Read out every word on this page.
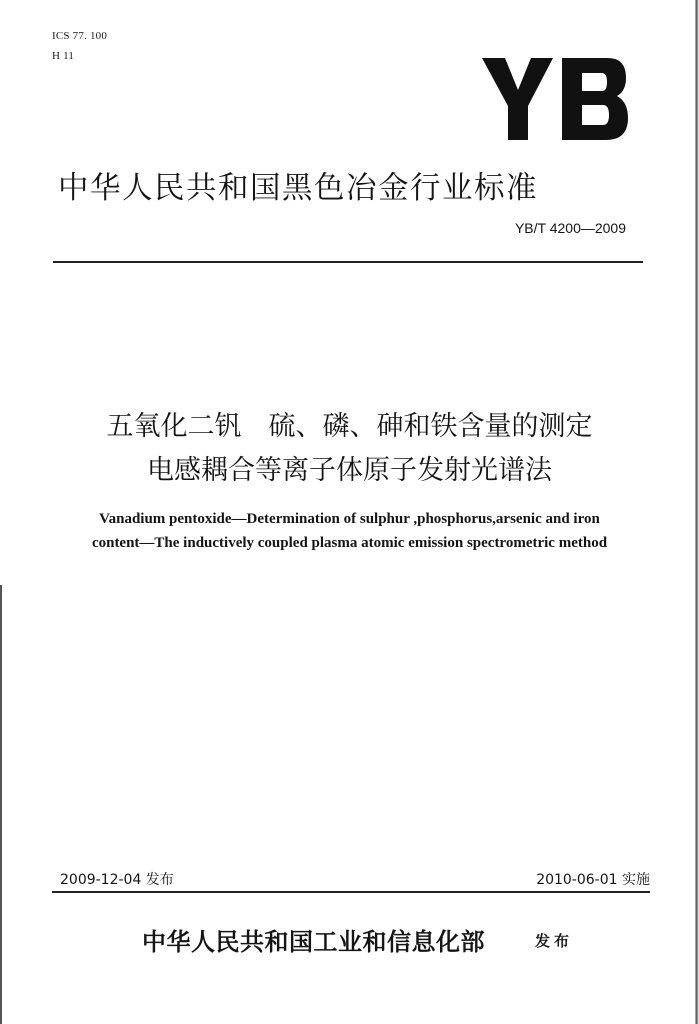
ICS 77. 100
H 11
中华人民共和国黑色冶金行业标准
YB/T 4200—2009
五氧化二钒　硫、磷、砷和铁含量的测定
电感耦合等离子体原子发射光谱法
Vanadium pentoxide—Determination of sulphur ,phosphorus,arsenic and iron
content—The inductively coupled plasma atomic emission spectrometric method
2009-12-04 发布	2010-06-01 实施
中华人民共和国工业和信息化部	发布
